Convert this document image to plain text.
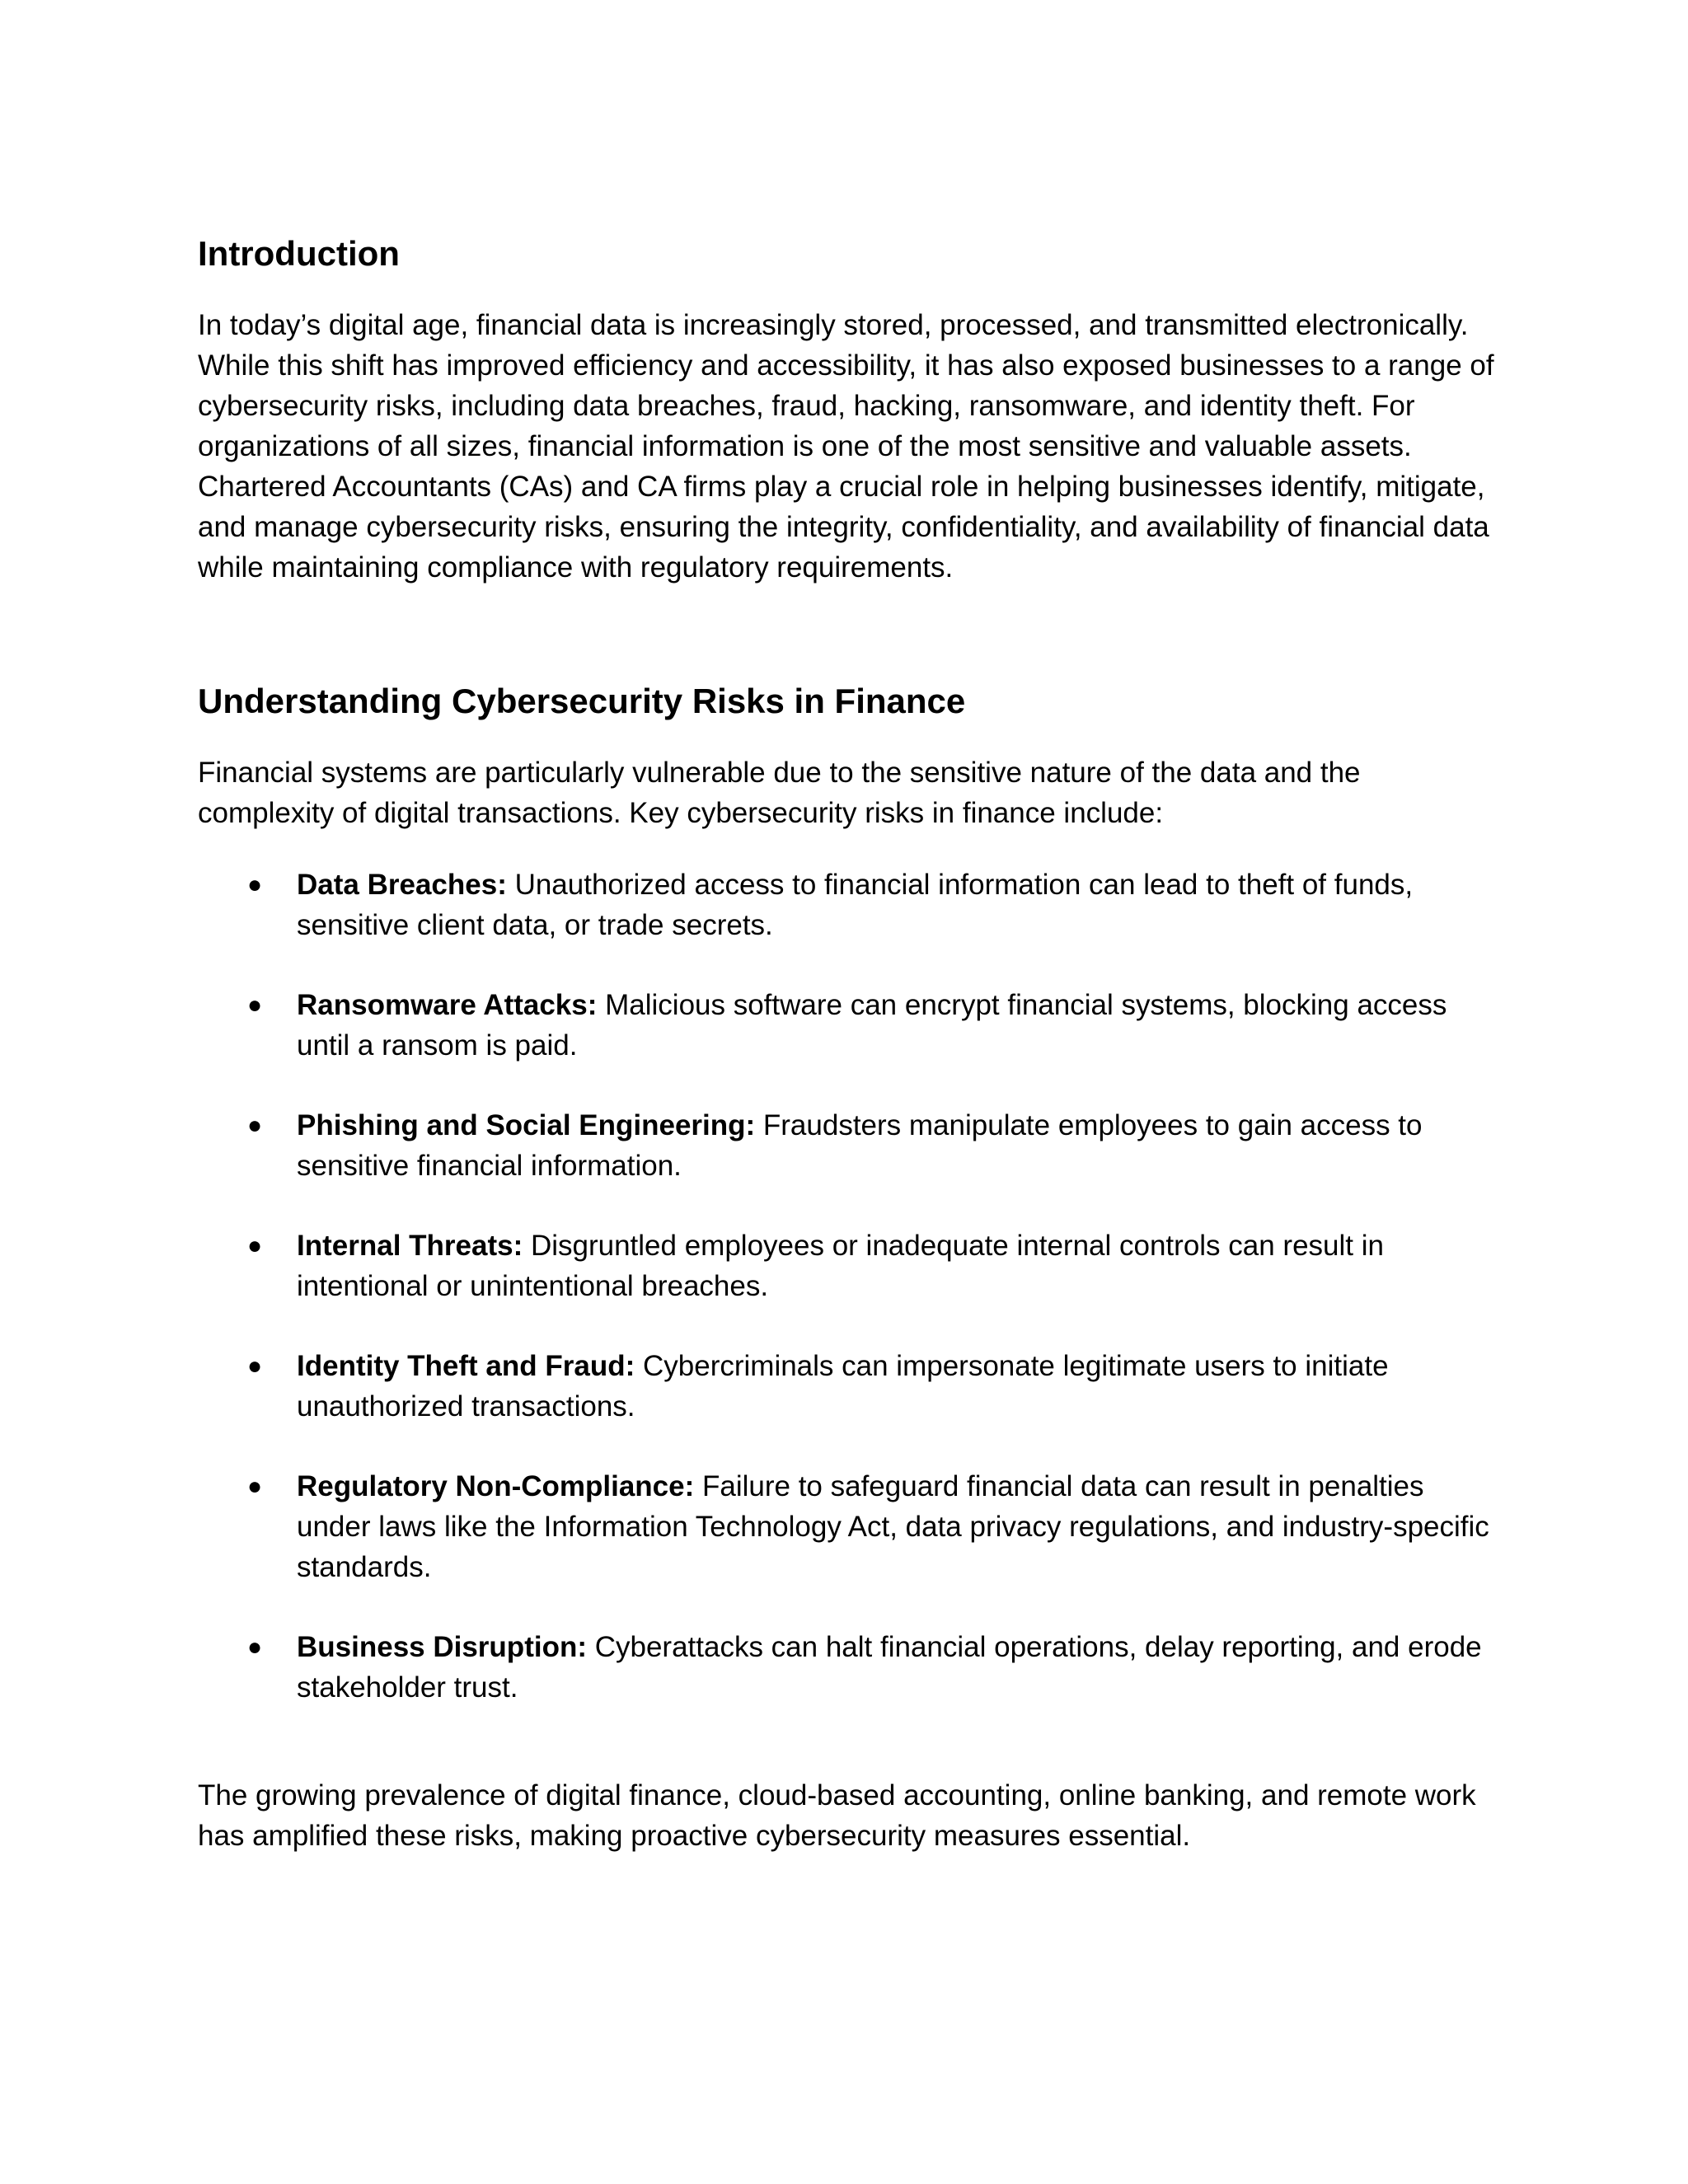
Introduction

In today’s digital age, financial data is increasingly stored, processed, and transmitted electronically. While this shift has improved efficiency and accessibility, it has also exposed businesses to a range of cybersecurity risks, including data breaches, fraud, hacking, ransomware, and identity theft. For organizations of all sizes, financial information is one of the most sensitive and valuable assets. Chartered Accountants (CAs) and CA firms play a crucial role in helping businesses identify, mitigate, and manage cybersecurity risks, ensuring the integrity, confidentiality, and availability of financial data while maintaining compliance with regulatory requirements.

Understanding Cybersecurity Risks in Finance

Financial systems are particularly vulnerable due to the sensitive nature of the data and the complexity of digital transactions. Key cybersecurity risks in finance include:

● Data Breaches: Unauthorized access to financial information can lead to theft of funds, sensitive client data, or trade secrets.
● Ransomware Attacks: Malicious software can encrypt financial systems, blocking access until a ransom is paid.
● Phishing and Social Engineering: Fraudsters manipulate employees to gain access to sensitive financial information.
● Internal Threats: Disgruntled employees or inadequate internal controls can result in intentional or unintentional breaches.
● Identity Theft and Fraud: Cybercriminals can impersonate legitimate users to initiate unauthorized transactions.
● Regulatory Non-Compliance: Failure to safeguard financial data can result in penalties under laws like the Information Technology Act, data privacy regulations, and industry-specific standards.
● Business Disruption: Cyberattacks can halt financial operations, delay reporting, and erode stakeholder trust.

The growing prevalence of digital finance, cloud-based accounting, online banking, and remote work has amplified these risks, making proactive cybersecurity measures essential.
